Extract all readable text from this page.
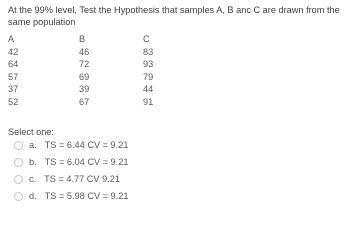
At the 99% level, Test the Hypothesis that samples A, B anc C are drawn from the same population
A
42
64
57
37
52
B
46
72
69
39
67
C
83
93
79
44
91
Select one:
a. TS = 6.44 CV = 9.21
b. TS = 6.04 CV = 9.21
c. TS = 4.77 CV 9.21
d. TS = 5.98 CV = 9.21
